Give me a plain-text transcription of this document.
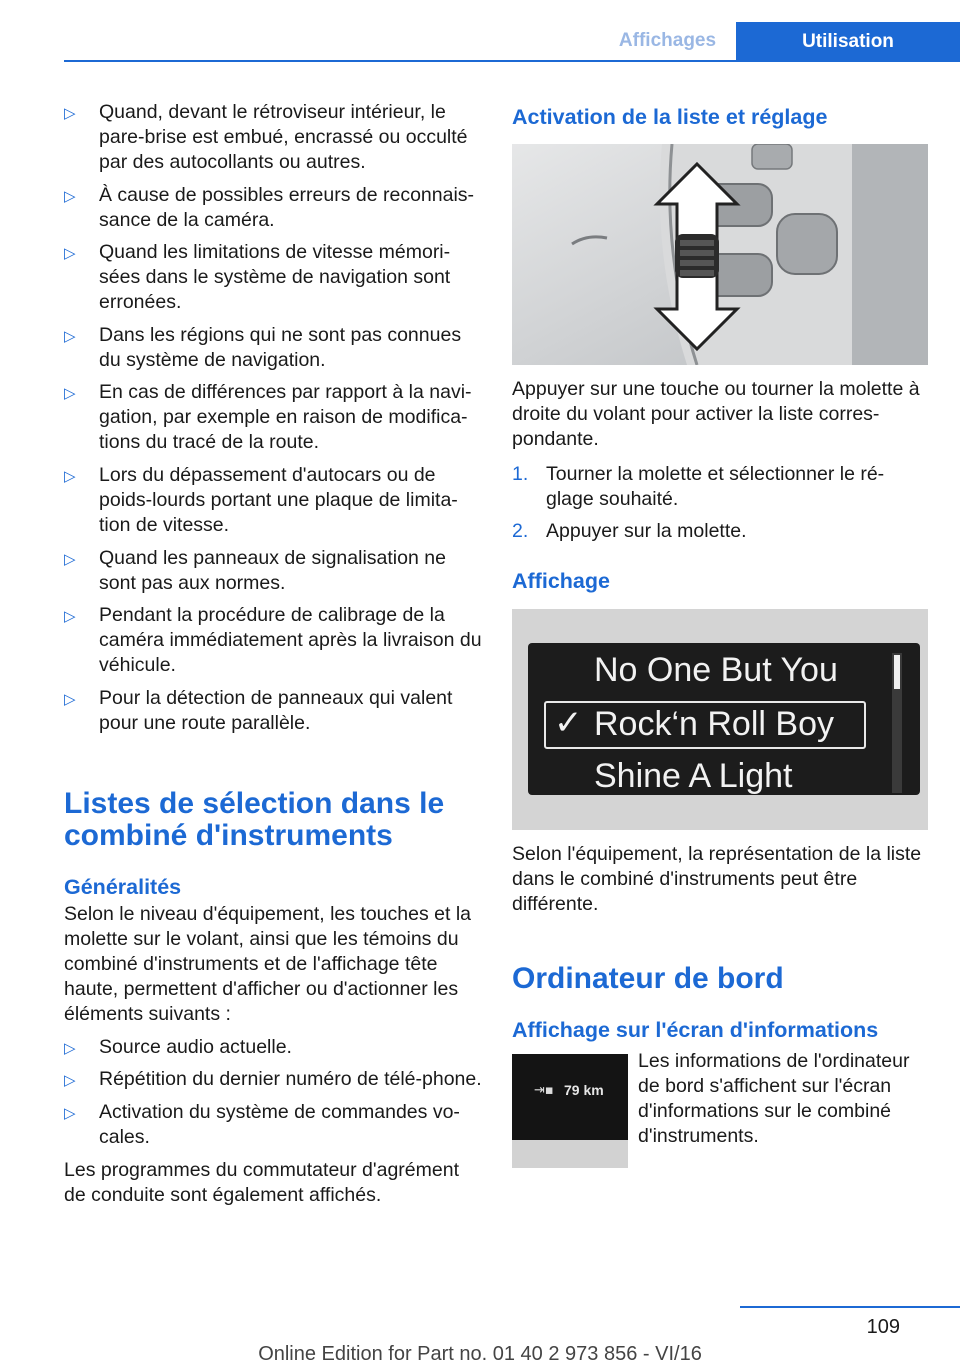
Affichages	Utilisation
▷ Quand, devant le rétroviseur intérieur, le pare-brise est embué, encrassé ou occulté par des autocollants ou autres.
▷ À cause de possibles erreurs de reconnais-sance de la caméra.
▷ Quand les limitations de vitesse mémori-sées dans le système de navigation sont erronées.
▷ Dans les régions qui ne sont pas connues du système de navigation.
▷ En cas de différences par rapport à la navi-gation, par exemple en raison de modifica-tions du tracé de la route.
▷ Lors du dépassement d'autocars ou de poids-lourds portant une plaque de limita-tion de vitesse.
▷ Quand les panneaux de signalisation ne sont pas aux normes.
▷ Pendant la procédure de calibrage de la caméra immédiatement après la livraison du véhicule.
▷ Pour la détection de panneaux qui valent pour une route parallèle.
Listes de sélection dans le combiné d'instruments
Généralités

Selon le niveau d'équipement, les touches et la molette sur le volant, ainsi que les témoins du combiné d'instruments et de l'affichage tête haute, permettent d'afficher ou d'actionner les éléments suivants :

▷ Source audio actuelle.
▷ Répétition du dernier numéro de télé-phone.
▷ Activation du système de commandes vo-cales.

Les programmes du commutateur d'agrément de conduite sont également affichés.

Activation de la liste et réglage

Appuyer sur une touche ou tourner la molette à droite du volant pour activer la liste corres-pondante.

1. Tourner la molette et sélectionner le ré-glage souhaité.
2. Appuyer sur la molette.
Affichage
No One But You
✓ Rock‘n Roll Boy
Shine A Light

Selon l'équipement, la représentation de la liste dans le combiné d'instruments peut être différente.

Ordinateur de bord
Affichage sur l'écran d'informations
⇥▪ 79 km

Les informations de l'ordinateur de bord s'affichent sur l'écran d'informations sur le combiné d'instruments.

109
Online Edition for Part no. 01 40 2 973 856 - VI/16
